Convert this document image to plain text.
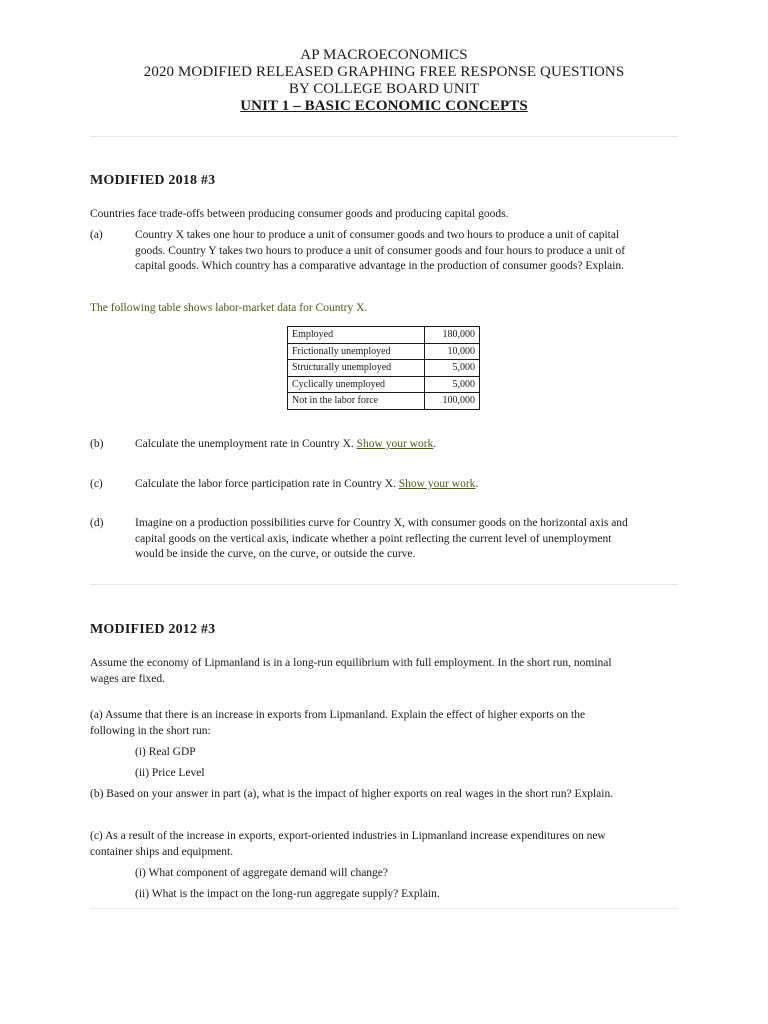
AP MACROECONOMICS
2020 MODIFIED RELEASED GRAPHING FREE RESPONSE QUESTIONS
BY COLLEGE BOARD UNIT
UNIT 1 – BASIC ECONOMIC CONCEPTS
MODIFIED 2018 #3
Countries face trade-offs between producing consumer goods and producing capital goods.
(a)	Country X takes one hour to produce a unit of consumer goods and two hours to produce a unit of capital
goods. Country Y takes two hours to produce a unit of consumer goods and four hours to produce a unit of
capital goods. Which country has a comparative advantage in the production of consumer goods? Explain.
The following table shows labor-market data for Country X.
Employed	180,000
Frictionally unemployed	10,000
Structurally unemployed	5,000
Cyclically unemployed	5,000
Not in the labor force	100,000
(b)	Calculate the unemployment rate in Country X. Show your work.
(c)	Calculate the labor force participation rate in Country X. Show your work.
(d)	Imagine on a production possibilities curve for Country X, with consumer goods on the horizontal axis and
capital goods on the vertical axis, indicate whether a point reflecting the current level of unemployment
would be inside the curve, on the curve, or outside the curve.
MODIFIED 2012 #3
Assume the economy of Lipmanland is in a long-run equilibrium with full employment. In the short run, nominal
wages are fixed.
(a) Assume that there is an increase in exports from Lipmanland. Explain the effect of higher exports on the
following in the short run:
(i) Real GDP
(ii) Price Level
(b) Based on your answer in part (a), what is the impact of higher exports on real wages in the short run? Explain.
(c) As a result of the increase in exports, export-oriented industries in Lipmanland increase expenditures on new
container ships and equipment.
(i) What component of aggregate demand will change?
(ii) What is the impact on the long-run aggregate supply? Explain.
